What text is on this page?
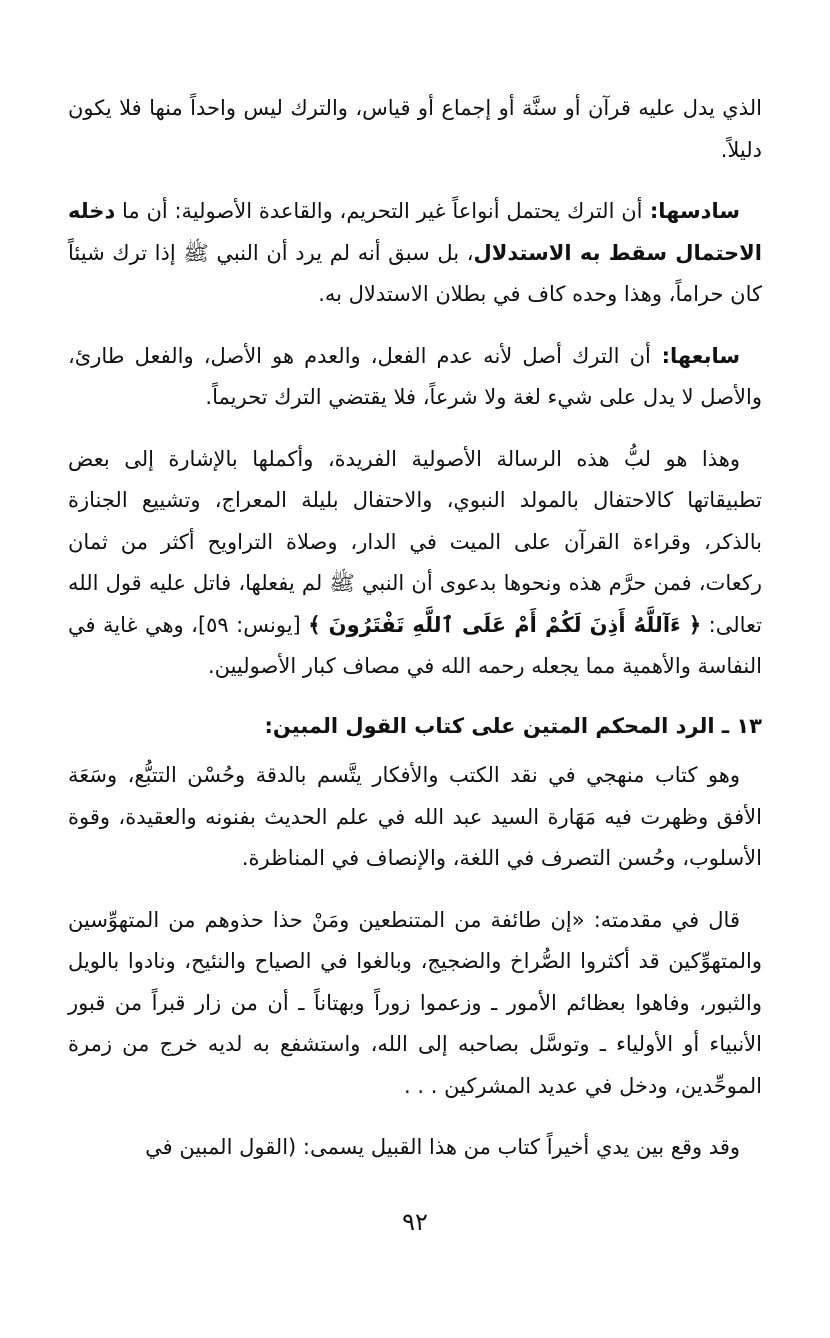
الذي يدل عليه قرآن أو سنَّة أو إجماع أو قياس، والترك ليس واحداً منها فلا يكون دليلاً.

سادسها: أن الترك يحتمل أنواعاً غير التحريم، والقاعدة الأصولية: أن ما دخله الاحتمال سقط به الاستدلال، بل سبق أنه لم يرد أن النبي ﷺ إذا ترك شيئاً كان حراماً، وهذا وحده كاف في بطلان الاستدلال به.

سابعها: أن الترك أصل لأنه عدم الفعل، والعدم هو الأصل، والفعل طارئ، والأصل لا يدل على شيء لغة ولا شرعاً، فلا يقتضي الترك تحريماً.

وهذا هو لبُّ هذه الرسالة الأصولية الفريدة، وأكملها بالإشارة إلى بعض تطبيقاتها كالاحتفال بالمولد النبوي، والاحتفال بليلة المعراج، وتشييع الجنازة بالذكر، وقراءة القرآن على الميت في الدار، وصلاة التراويح أكثر من ثمان ركعات، فمن حرَّم هذه ونحوها بدعوى أن النبي ﷺ لم يفعلها، فاتل عليه قول الله تعالى: ﴿ ءَآللَّهُ أَذِنَ لَكُمْ أَمْ عَلَى ٱللَّهِ تَفْتَرُونَ ﴾ [يونس: ٥٩]، وهي غاية في النفاسة والأهمية مما يجعله رحمه الله في مصاف كبار الأصوليين.

١٣ ـ الرد المحكم المتين على كتاب القول المبين:

وهو كتاب منهجي في نقد الكتب والأفكار يتَّسم بالدقة وحُسْن التتبُّع، وسَعَة الأفق وظهرت فيه مَهَارة السيد عبد الله في علم الحديث بفنونه والعقيدة، وقوة الأسلوب، وحُسن التصرف في اللغة، والإنصاف في المناظرة.

قال في مقدمته: «إن طائفة من المتنطعين ومَنْ حذا حذوهم من المتهوِّسين والمتهوِّكين قد أكثروا الصُّراخ والضجيج، وبالغوا في الصياح والنئيح، ونادوا بالويل والثبور، وفاهوا بعظائم الأمور ـ وزعموا زوراً وبهتاناً ـ أن من زار قبراً من قبور الأنبياء أو الأولياء ـ وتوسَّل بصاحبه إلى الله، واستشفع به لديه خرج من زمرة الموحِّدين، ودخل في عديد المشركين . . .

وقد وقع بين يدي أخيراً كتاب من هذا القبيل يسمى: (القول المبين في

٩٢
